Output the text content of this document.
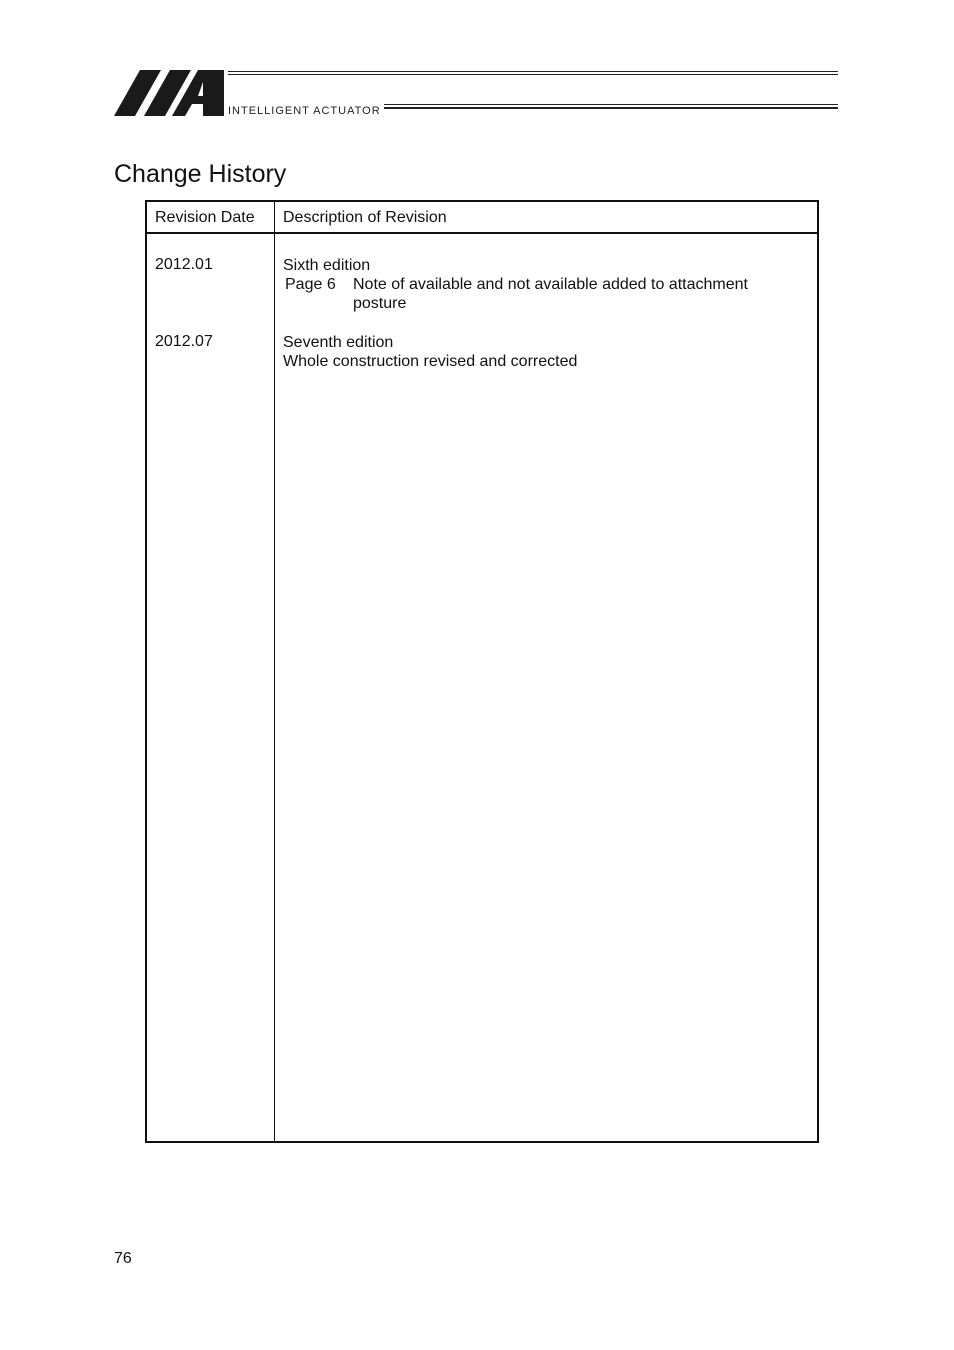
INTELLIGENT ACTUATOR
Change History
Revision Date Description of Revision
2012.01	Sixth edition
Page 6 Note of available and not available added to attachment posture
2012.07	Seventh edition
Whole construction revised and corrected
76
